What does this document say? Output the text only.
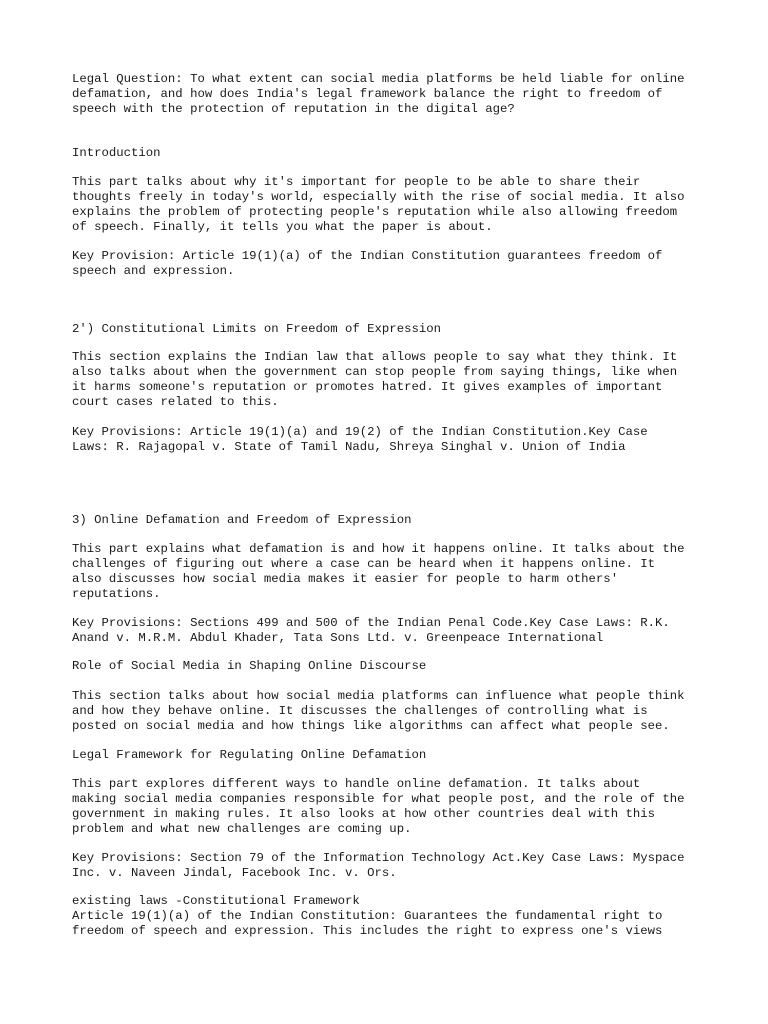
Legal Question: To what extent can social media platforms be held liable for online
defamation, and how does India's legal framework balance the right to freedom of
speech with the protection of reputation in the digital age?

Introduction

This part talks about why it's important for people to be able to share their
thoughts freely in today's world, especially with the rise of social media. It also
explains the problem of protecting people's reputation while also allowing freedom
of speech. Finally, it tells you what the paper is about.

Key Provision: Article 19(1)(a) of the Indian Constitution guarantees freedom of
speech and expression.

2') Constitutional Limits on Freedom of Expression

This section explains the Indian law that allows people to say what they think. It
also talks about when the government can stop people from saying things, like when
it harms someone's reputation or promotes hatred. It gives examples of important
court cases related to this.

Key Provisions: Article 19(1)(a) and 19(2) of the Indian Constitution.Key Case
Laws: R. Rajagopal v. State of Tamil Nadu, Shreya Singhal v. Union of India

3) Online Defamation and Freedom of Expression

This part explains what defamation is and how it happens online. It talks about the
challenges of figuring out where a case can be heard when it happens online. It
also discusses how social media makes it easier for people to harm others'
reputations.

Key Provisions: Sections 499 and 500 of the Indian Penal Code.Key Case Laws: R.K.
Anand v. M.R.M. Abdul Khader, Tata Sons Ltd. v. Greenpeace International

Role of Social Media in Shaping Online Discourse

This section talks about how social media platforms can influence what people think
and how they behave online. It discusses the challenges of controlling what is
posted on social media and how things like algorithms can affect what people see.

Legal Framework for Regulating Online Defamation

This part explores different ways to handle online defamation. It talks about
making social media companies responsible for what people post, and the role of the
government in making rules. It also looks at how other countries deal with this
problem and what new challenges are coming up.

Key Provisions: Section 79 of the Information Technology Act.Key Case Laws: Myspace
Inc. v. Naveen Jindal, Facebook Inc. v. Ors.

existing laws -Constitutional Framework

Article 19(1)(a) of the Indian Constitution: Guarantees the fundamental right to
freedom of speech and expression. This includes the right to express one's views
